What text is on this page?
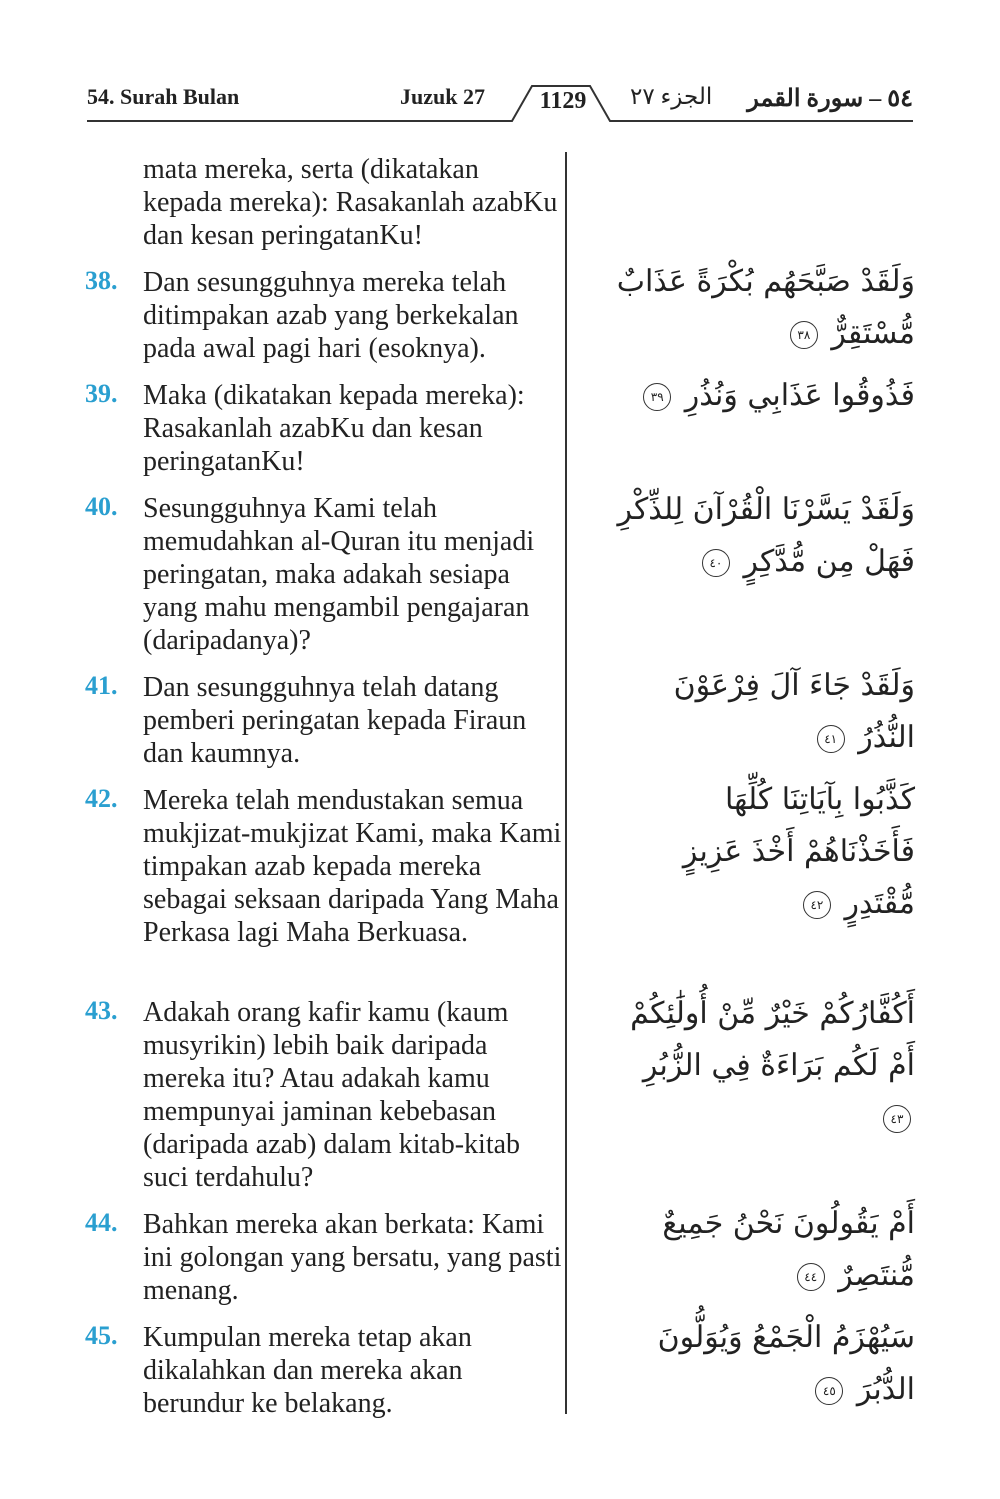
54. Surah Bulan	Juzuk 27	1129	الجزء ٢٧ ٥٤ – سورة القمر
mata mereka, serta (dikatakan kepada mereka): Rasakanlah azabKu dan kesan peringatanKu!
38. Dan sesungguhnya mereka telah ditimpakan azab yang berkekalan pada awal pagi hari (esoknya).
وَلَقَدْ صَبَّحَهُم بُكْرَةً عَذَابٌ مُّسْتَقِرٌّ ٣٨
39. Maka (dikatakan kepada mereka): Rasakanlah azabKu dan kesan peringatanKu!
فَذُوقُوا عَذَابِي وَنُذُرِ ٣٩
40. Sesungguhnya Kami telah memudahkan al-Quran itu menjadi peringatan, maka adakah sesiapa yang mahu mengambil pengajaran (daripadanya)?
وَلَقَدْ يَسَّرْنَا الْقُرْآنَ لِلذِّكْرِ فَهَلْ مِن مُّدَّكِرٍ ٤٠
41. Dan sesungguhnya telah datang pemberi peringatan kepada Firaun dan kaumnya.
وَلَقَدْ جَاءَ آلَ فِرْعَوْنَ النُّذُرُ ٤١
42. Mereka telah mendustakan semua mukjizat-mukjizat Kami, maka Kami timpakan azab kepada mereka sebagai seksaan daripada Yang Maha Perkasa lagi Maha Berkuasa.
كَذَّبُوا بِآيَاتِنَا كُلِّهَا فَأَخَذْنَاهُمْ أَخْذَ عَزِيزٍ مُّقْتَدِرٍ ٤٢
43. Adakah orang kafir kamu (kaum musyrikin) lebih baik daripada mereka itu? Atau adakah kamu mempunyai jaminan kebebasan (daripada azab) dalam kitab-kitab suci terdahulu?
أَكُفَّارُكُمْ خَيْرٌ مِّنْ أُولَٰئِكُمْ أَمْ لَكُم بَرَاءَةٌ فِي الزُّبُرِ ٤٣
44. Bahkan mereka akan berkata: Kami ini golongan yang bersatu, yang pasti menang.
أَمْ يَقُولُونَ نَحْنُ جَمِيعٌ مُّنتَصِرٌ ٤٤
45. Kumpulan mereka tetap akan dikalahkan dan mereka akan berundur ke belakang.
سَيُهْزَمُ الْجَمْعُ وَيُوَلُّونَ الدُّبُرَ ٤٥
